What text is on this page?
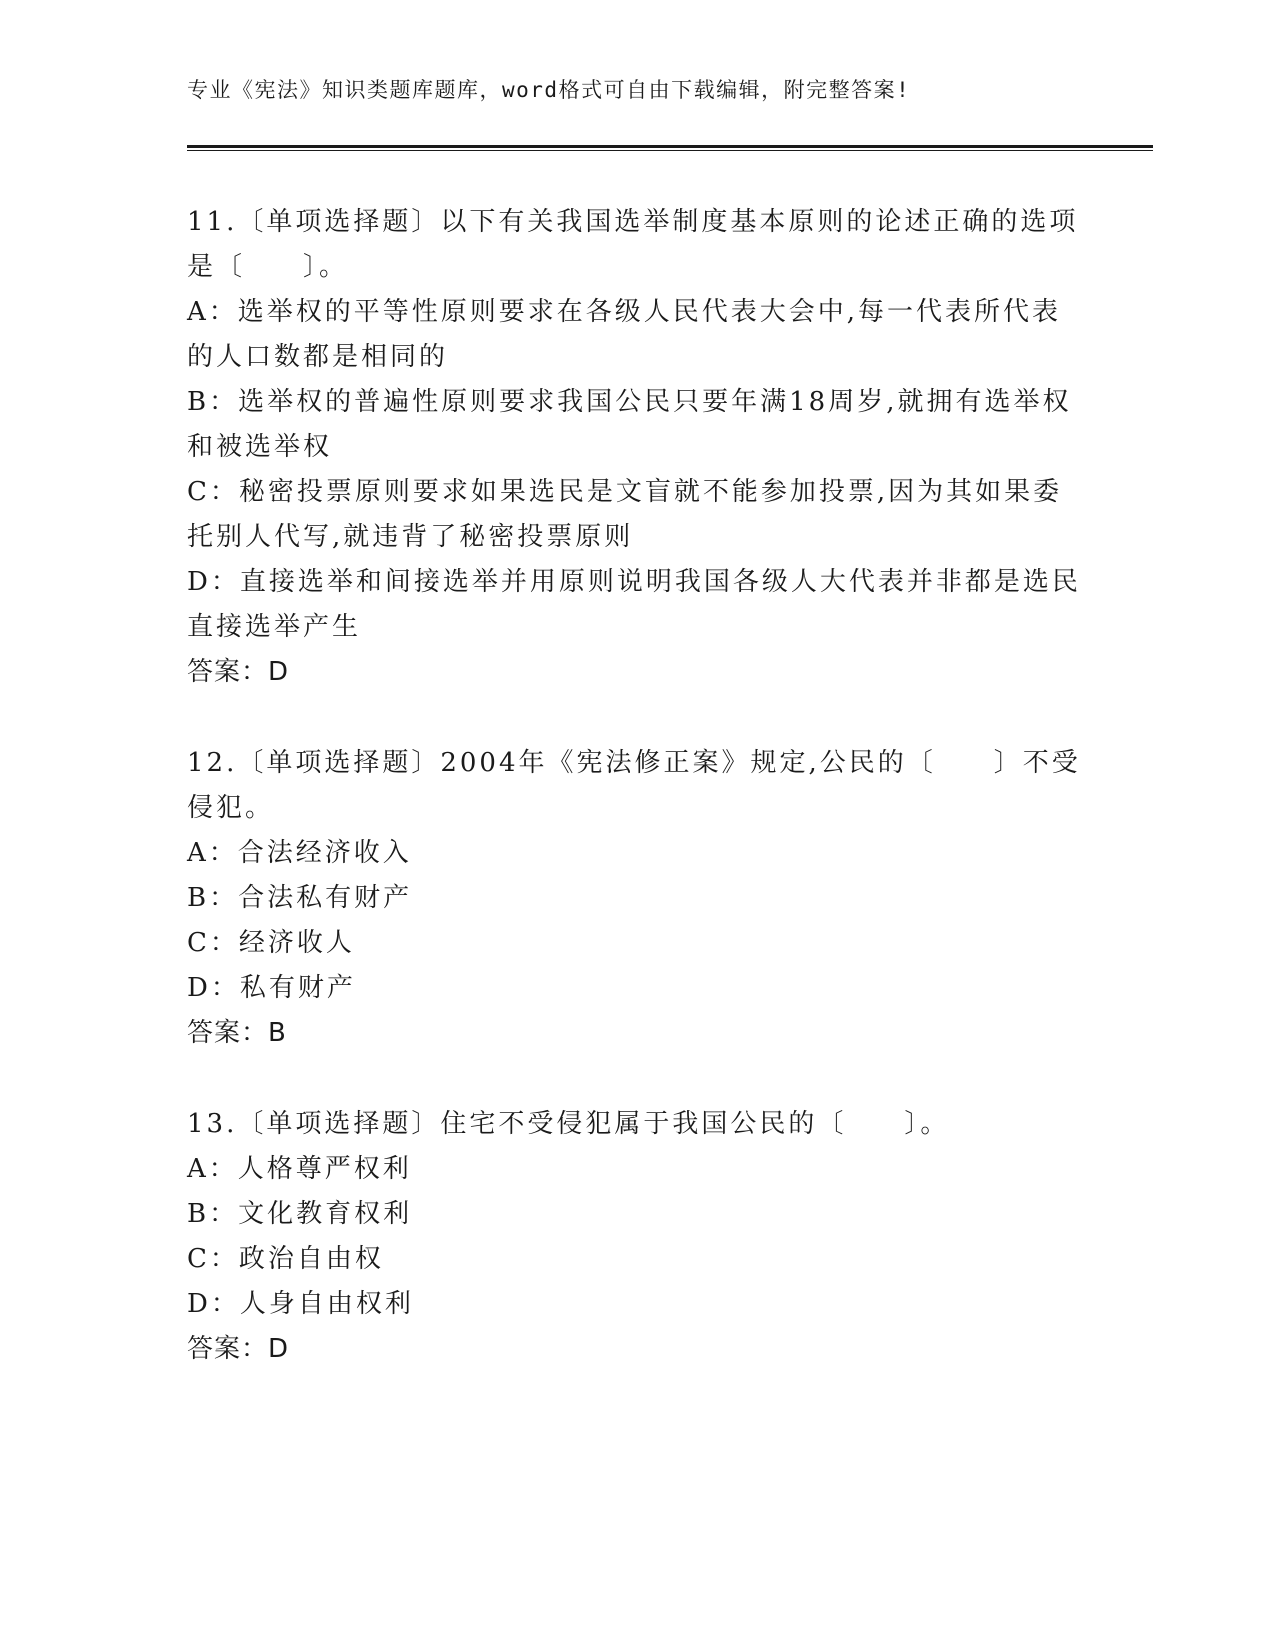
专业《宪法》知识类题库题库，word格式可自由下载编辑，附完整答案!

11.〔单项选择题〕以下有关我国选举制度基本原则的论述正确的选项是〔　　〕。

A：选举权的平等性原则要求在各级人民代表大会中,每一代表所代表的人口数都是相同的

B：选举权的普遍性原则要求我国公民只要年满18周岁,就拥有选举权和被选举权

C：秘密投票原则要求如果选民是文盲就不能参加投票,因为其如果委托别人代写,就违背了秘密投票原则

D：直接选举和间接选举并用原则说明我国各级人大代表并非都是选民直接选举产生

答案：D

12.〔单项选择题〕2004年《宪法修正案》规定,公民的〔　　〕不受侵犯。

A：合法经济收入

B：合法私有财产

C：经济收人

D：私有财产

答案：B

13.〔单项选择题〕住宅不受侵犯属于我国公民的〔　　〕。

A：人格尊严权利

B：文化教育权利

C：政治自由权

D：人身自由权利

答案：D
